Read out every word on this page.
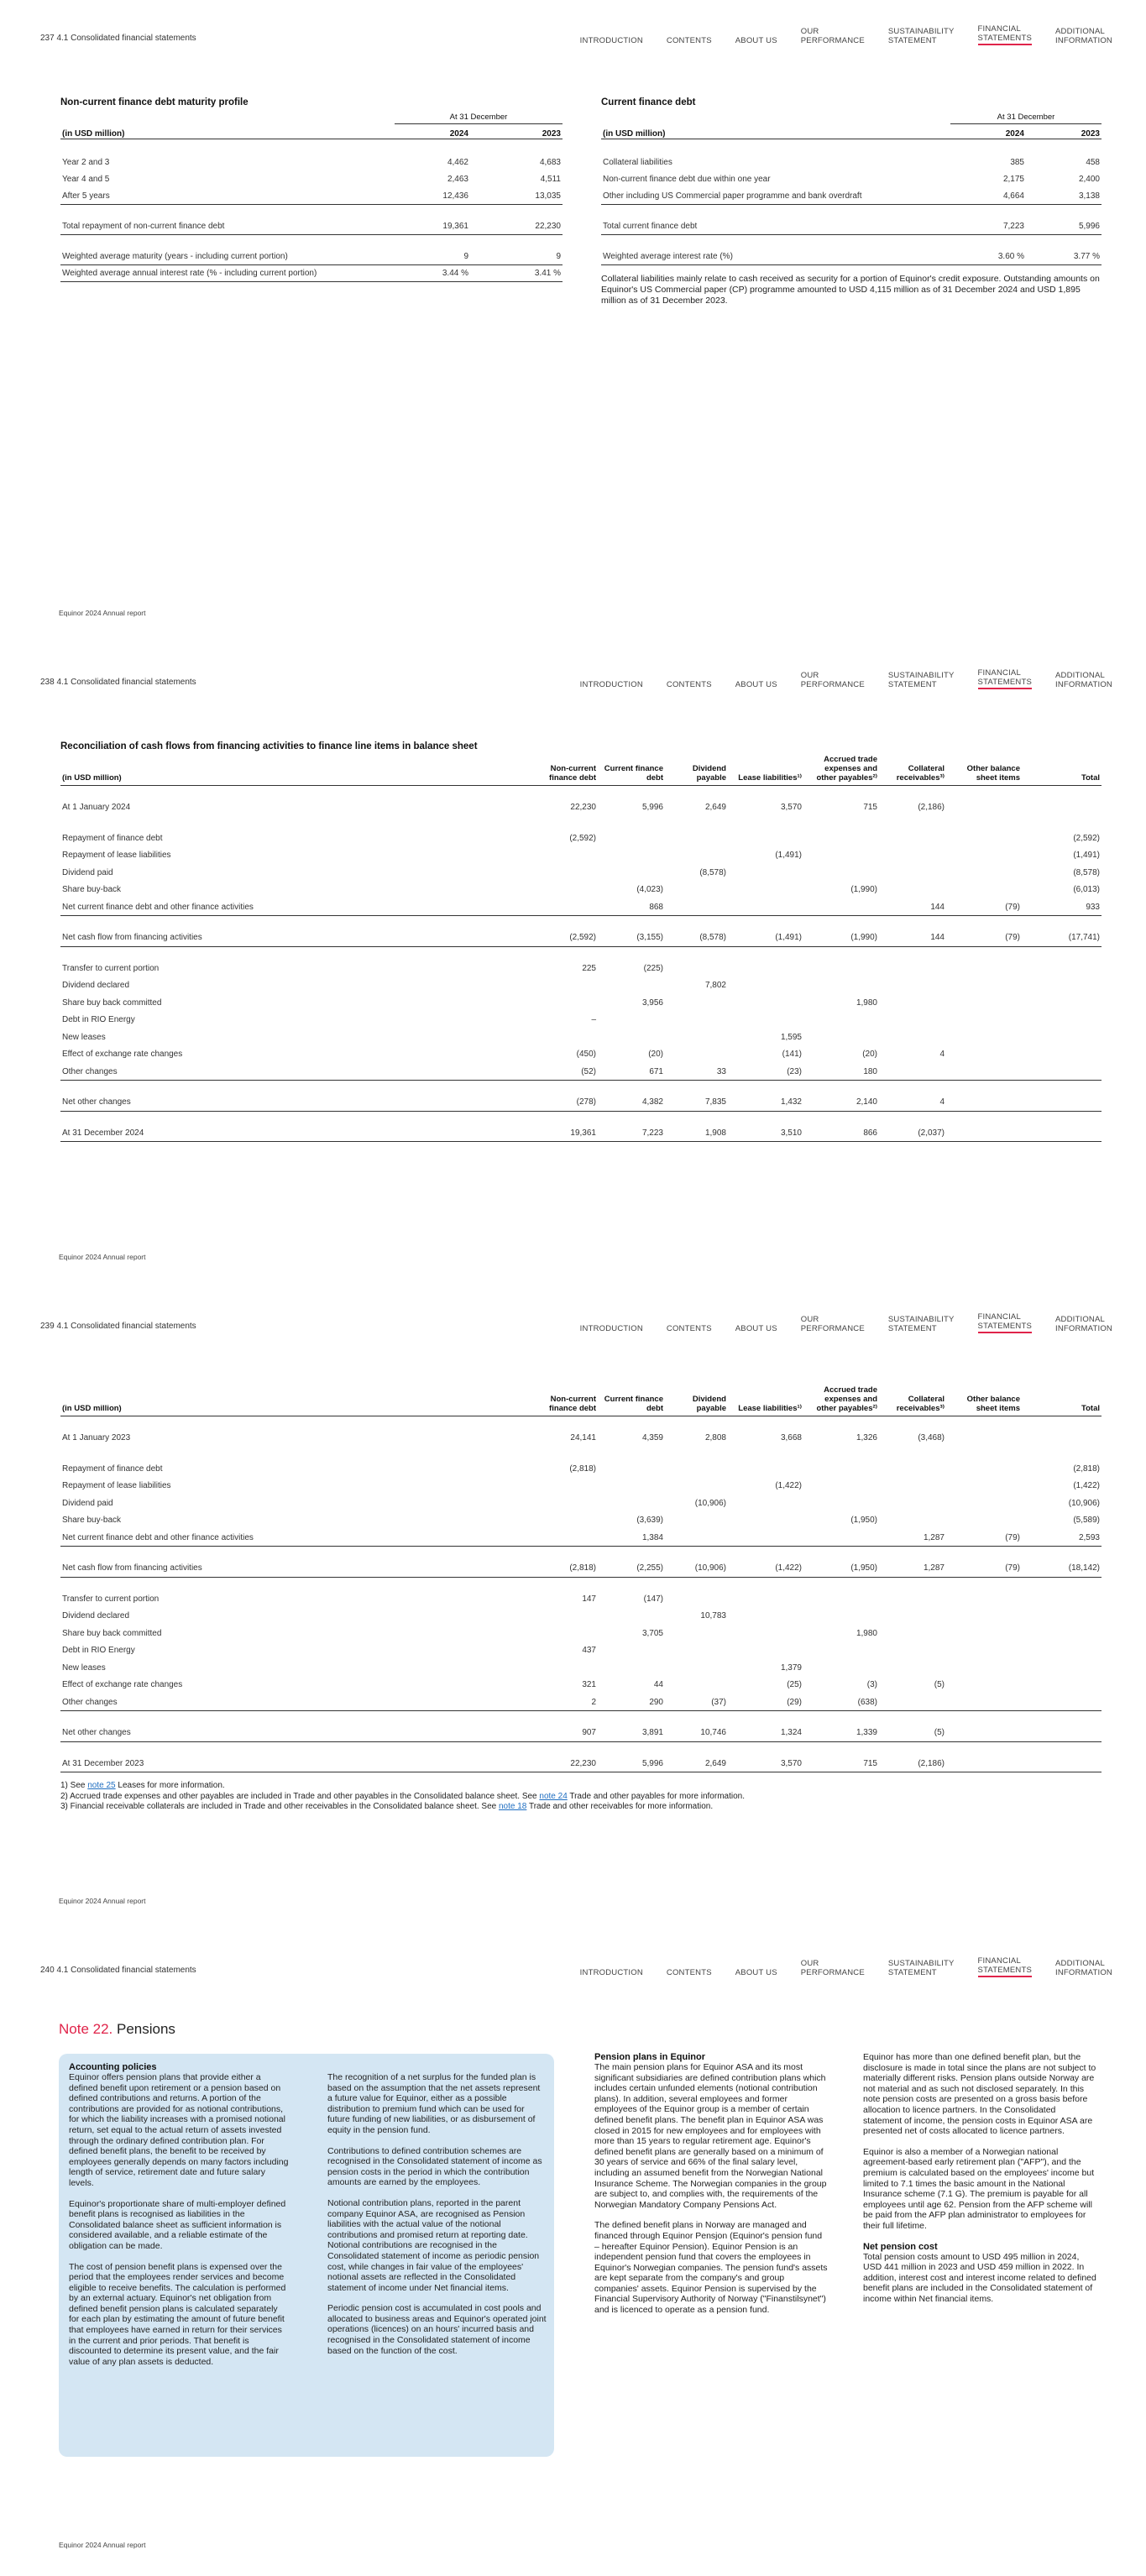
237 4.1 Consolidated financial statements	INTRODUCTION	CONTENTS	ABOUT US
OUR
PERFORMANCE
SUSTAINABILITY
STATEMENT
FINANCIAL
STATEMENTS
ADDITIONAL
INFORMATION
Non-current finance debt maturity profile
	At 31 December	
(in USD million)	2024	2023

Year 2 and 3	4,462	4,683
Year 4 and 5	2,463	4,511
After 5 years	12,436	13,035

Total repayment of non-current finance debt	19,361	22,230

Weighted average maturity (years - including current portion)	9	9
Weighted average annual interest rate (% - including current portion)	3.44 %	3.41 %
Current finance debt
	At 31 December	
(in USD million)	2024	2023

Collateral liabilities	385	458
Non-current finance debt due within one year	2,175	2,400
Other including US Commercial paper programme and bank overdraft	4,664	3,138

Total current finance debt	7,223	5,996

Weighted average interest rate (%)	3.60 %	3.77 %

Collateral liabilities mainly relate to cash received as security for a portion of Equinor's credit exposure. Outstanding amounts on Equinor's US Commercial paper (CP) programme amounted to USD 4,115 million as of 31 December 2024 and USD 1,895 million as of 31 December 2023.

Equinor 2024 Annual report
238 4.1 Consolidated financial statements	INTRODUCTION	CONTENTS	ABOUT US
OUR
PERFORMANCE
SUSTAINABILITY
STATEMENT
FINANCIAL
STATEMENTS
ADDITIONAL
INFORMATION
Reconciliation of cash flows from financing activities to finance line items in balance sheet
(in USD million)	Non-current finance debt	Current finance debt	Dividend payable	Lease liabilities¹⁾	Accrued trade expenses and other payables²⁾	Collateral receivables³⁾	Other balance sheet items	Total

At 1 January 2024	22,230	5,996	2,649	3,570	715	(2,186)		

Repayment of finance debt	(2,592)							(2,592)
Repayment of lease liabilities				(1,491)				(1,491)
Dividend paid			(8,578)					(8,578)
Share buy-back		(4,023)			(1,990)			(6,013)
Net current finance debt and other finance activities		868				144	(79)	933

Net cash flow from financing activities	(2,592)	(3,155)	(8,578)	(1,491)	(1,990)	144	(79)	(17,741)

Transfer to current portion	225	(225)						
Dividend declared			7,802					
Share buy back committed		3,956			1,980			
Debt in RIO Energy	–							
New leases				1,595				
Effect of exchange rate changes	(450)	(20)		(141)	(20)	4		
Other changes	(52)	671	33	(23)	180			

Net other changes	(278)	4,382	7,835	1,432	2,140	4		

At 31 December 2024	19,361	7,223	1,908	3,510	866	(2,037)		
Equinor 2024 Annual report
239 4.1 Consolidated financial statements	INTRODUCTION	CONTENTS	ABOUT US
OUR
PERFORMANCE
SUSTAINABILITY
STATEMENT
FINANCIAL
STATEMENTS
ADDITIONAL
INFORMATION
(in USD million)	Non-current finance debt	Current finance debt	Dividend payable	Lease liabilities¹⁾	Accrued trade expenses and other payables²⁾	Collateral receivables³⁾	Other balance sheet items	Total

At 1 January 2023	24,141	4,359	2,808	3,668	1,326	(3,468)		

Repayment of finance debt	(2,818)							(2,818)
Repayment of lease liabilities				(1,422)				(1,422)
Dividend paid			(10,906)					(10,906)
Share buy-back		(3,639)			(1,950)			(5,589)
Net current finance debt and other finance activities		1,384				1,287	(79)	2,593

Net cash flow from financing activities	(2,818)	(2,255)	(10,906)	(1,422)	(1,950)	1,287	(79)	(18,142)

Transfer to current portion	147	(147)						
Dividend declared			10,783					
Share buy back committed		3,705			1,980			
Debt in RIO Energy	437							
New leases				1,379				
Effect of exchange rate changes	321	44		(25)	(3)	(5)		
Other changes	2	290	(37)	(29)	(638)			

Net other changes	907	3,891	10,746	1,324	1,339	(5)		

At 31 December 2023	22,230	5,996	2,649	3,570	715	(2,186)		
1) See note 25 Leases for more information.
2) Accrued trade expenses and other payables are included in Trade and other payables in the Consolidated balance sheet. See note 24 Trade and other payables for more information.
3) Financial receivable collaterals are included in Trade and other receivables in the Consolidated balance sheet. See note 18 Trade and other receivables for more information.
Equinor 2024 Annual report
240 4.1 Consolidated financial statements	INTRODUCTION	CONTENTS	ABOUT US
OUR
PERFORMANCE
SUSTAINABILITY
STATEMENT
FINANCIAL
STATEMENTS
ADDITIONAL
INFORMATION
Note 22. Pensions
Accounting policies

Equinor offers pension plans that provide either a defined benefit upon retirement or a pension based on defined contributions and returns. A portion of the contributions are provided for as notional contributions, for which the liability increases with a promised notional return, set equal to the actual return of assets invested through the ordinary defined contribution plan. For defined benefit plans, the benefit to be received by employees generally depends on many factors including length of service, retirement date and future salary levels.

Equinor's proportionate share of multi-employer defined benefit plans is recognised as liabilities in the Consolidated balance sheet as sufficient information is considered available, and a reliable estimate of the obligation can be made.

The cost of pension benefit plans is expensed over the period that the employees render services and become eligible to receive benefits. The calculation is performed by an external actuary. Equinor's net obligation from defined benefit pension plans is calculated separately for each plan by estimating the amount of future benefit that employees have earned in return for their services in the current and prior periods. That benefit is discounted to determine its present value, and the fair value of any plan assets is deducted.

The recognition of a net surplus for the funded plan is based on the assumption that the net assets represent a future value for Equinor, either as a possible distribution to premium fund which can be used for future funding of new liabilities, or as disbursement of equity in the pension fund.

Contributions to defined contribution schemes are recognised in the Consolidated statement of income as pension costs in the period in which the contribution amounts are earned by the employees.

Notional contribution plans, reported in the parent company Equinor ASA, are recognised as Pension liabilities with the actual value of the notional contributions and promised return at reporting date. Notional contributions are recognised in the Consolidated statement of income as periodic pension cost, while changes in fair value of the employees' notional assets are reflected in the Consolidated statement of income under Net financial items.

Periodic pension cost is accumulated in cost pools and allocated to business areas and Equinor's operated joint operations (licences) on an hours' incurred basis and recognised in the Consolidated statement of income based on the function of the cost.

Pension plans in Equinor

The main pension plans for Equinor ASA and its most significant subsidiaries are defined contribution plans which includes certain unfunded elements (notional contribution plans). In addition, several employees and former employees of the Equinor group is a member of certain defined benefit plans. The benefit plan in Equinor ASA was closed in 2015 for new employees and for employees with more than 15 years to regular retirement age. Equinor's defined benefit plans are generally based on a minimum of 30 years of service and 66% of the final salary level, including an assumed benefit from the Norwegian National Insurance Scheme. The Norwegian companies in the group are subject to, and complies with, the requirements of the Norwegian Mandatory Company Pensions Act.

The defined benefit plans in Norway are managed and financed through Equinor Pensjon (Equinor's pension fund – hereafter Equinor Pension). Equinor Pension is an independent pension fund that covers the employees in Equinor's Norwegian companies. The pension fund's assets are kept separate from the company's and group companies' assets. Equinor Pension is supervised by the Financial Supervisory Authority of Norway ("Finanstilsynet") and is licenced to operate as a pension fund.

Equinor has more than one defined benefit plan, but the disclosure is made in total since the plans are not subject to materially different risks. Pension plans outside Norway are not material and as such not disclosed separately. In this note pension costs are presented on a gross basis before allocation to licence partners. In the Consolidated statement of income, the pension costs in Equinor ASA are presented net of costs allocated to licence partners.

Equinor is also a member of a Norwegian national agreement-based early retirement plan ("AFP"), and the premium is calculated based on the employees' income but limited to 7.1 times the basic amount in the National Insurance scheme (7.1 G). The premium is payable for all employees until age 62. Pension from the AFP scheme will be paid from the AFP plan administrator to employees for their full lifetime.

Net pension cost

Total pension costs amount to USD 495 million in 2024, USD 441 million in 2023 and USD 459 million in 2022. In addition, interest cost and interest income related to defined benefit plans are included in the Consolidated statement of income within Net financial items.

Equinor 2024 Annual report
